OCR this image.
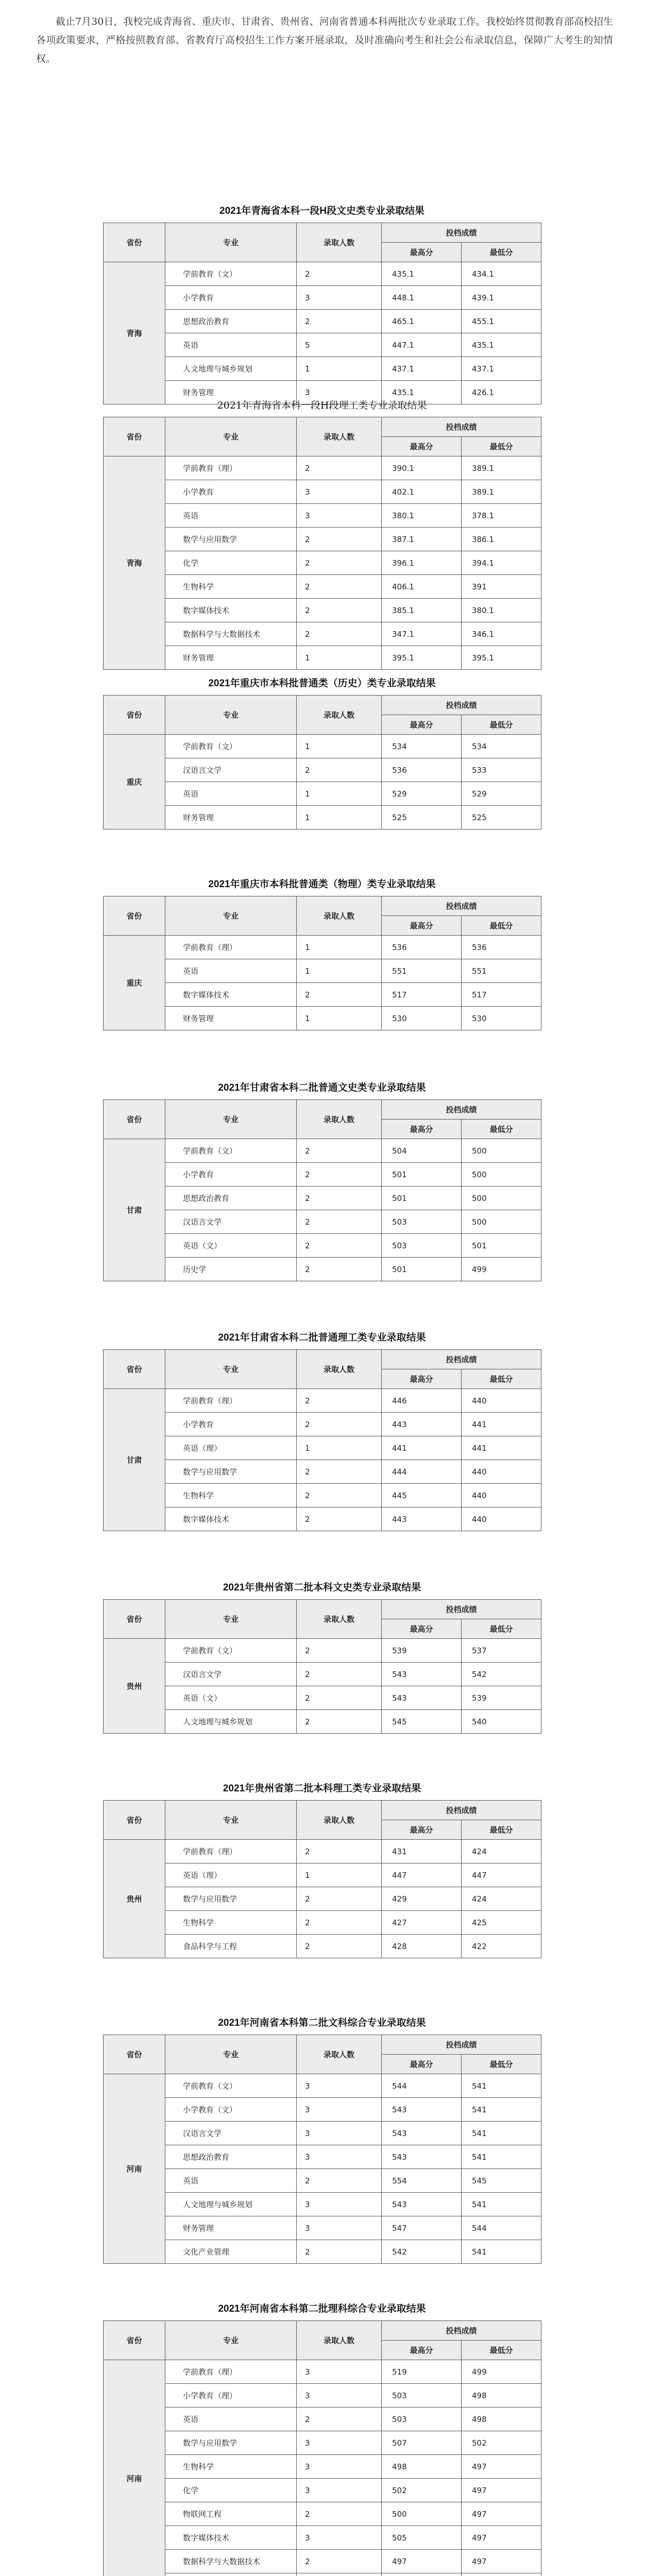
截止7月30日，我校完成青海省、重庆市、甘肃省、贵州省、河南省普通本科两批次专业录取工作。我校始终贯彻教育部高校招生各项政策要求，严格按照教育部、省教育厅高校招生工作方案开展录取，及时准确向考生和社会公布录取信息，保障广大考生的知情权。

2021年青海省本科一段H段文史类专业录取结果
省份	专业	录取人数	投档成绩	
			最高分	最低分
青海	学前教育（文）	2	435.1	434.1
	小学教育	3	448.1	439.1
	思想政治教育	2	465.1	455.1
	英语	5	447.1	435.1
	人文地理与城乡规划	1	437.1	437.1
	财务管理	3	435.1	426.1
2021年青海省本科一段H段理工类专业录取结果
省份	专业	录取人数	投档成绩	
			最高分	最低分
青海	学前教育（理）	2	390.1	389.1
	小学教育	3	402.1	389.1
	英语	3	380.1	378.1
	数学与应用数学	2	387.1	386.1
	化学	2	396.1	394.1
	生物科学	2	406.1	391
	数字媒体技术	2	385.1	380.1
	数据科学与大数据技术	2	347.1	346.1
	财务管理	1	395.1	395.1
2021年重庆市本科批普通类（历史）类专业录取结果
省份	专业	录取人数	投档成绩	
			最高分	最低分
重庆	学前教育（文）	1	534	534
	汉语言文学	2	536	533
	英语	1	529	529
	财务管理	1	525	525
2021年重庆市本科批普通类（物理）类专业录取结果
省份	专业	录取人数	投档成绩	
			最高分	最低分
重庆	学前教育（理）	1	536	536
	英语	1	551	551
	数字媒体技术	2	517	517
	财务管理	1	530	530
2021年甘肃省本科二批普通文史类专业录取结果
省份	专业	录取人数	投档成绩	
			最高分	最低分
甘肃	学前教育（文）	2	504	500
	小学教育	2	501	500
	思想政治教育	2	501	500
	汉语言文学	2	503	500
	英语（文）	2	503	501
	历史学	2	501	499
2021年甘肃省本科二批普通理工类专业录取结果
省份	专业	录取人数	投档成绩	
			最高分	最低分
甘肃	学前教育（理）	2	446	440
	小学教育	2	443	441
	英语（理）	1	441	441
	数学与应用数学	2	444	440
	生物科学	2	445	440
	数字媒体技术	2	443	440
2021年贵州省第二批本科文史类专业录取结果
省份	专业	录取人数	投档成绩	
			最高分	最低分
贵州	学前教育（文）	2	539	537
	汉语言文学	2	543	542
	英语（文）	2	543	539
	人文地理与城乡规划	2	545	540
2021年贵州省第二批本科理工类专业录取结果
省份	专业	录取人数	投档成绩	
			最高分	最低分
贵州	学前教育（理）	2	431	424
	英语（理）	1	447	447
	数学与应用数学	2	429	424
	生物科学	2	427	425
	食品科学与工程	2	428	422
2021年河南省本科第二批文科综合专业录取结果
省份	专业	录取人数	投档成绩	
			最高分	最低分
河南	学前教育（文）	3	544	541
	小学教育（文）	3	543	541
	汉语言文学	3	543	541
	思想政治教育	3	543	541
	英语	2	554	545
	人文地理与城乡规划	3	543	541
	财务管理	3	547	544
	文化产业管理	2	542	541
2021年河南省本科第二批理科综合专业录取结果
省份	专业	录取人数	投档成绩	
			最高分	最低分
河南	学前教育（理）	3	519	499
	小学教育（理）	3	503	498
	英语	2	503	498
	数学与应用数学	3	507	502
	生物科学	3	498	497
	化学	3	502	497
	物联网工程	2	500	497
	数字媒体技术	3	505	497
	数据科学与大数据技术	2	497	497
